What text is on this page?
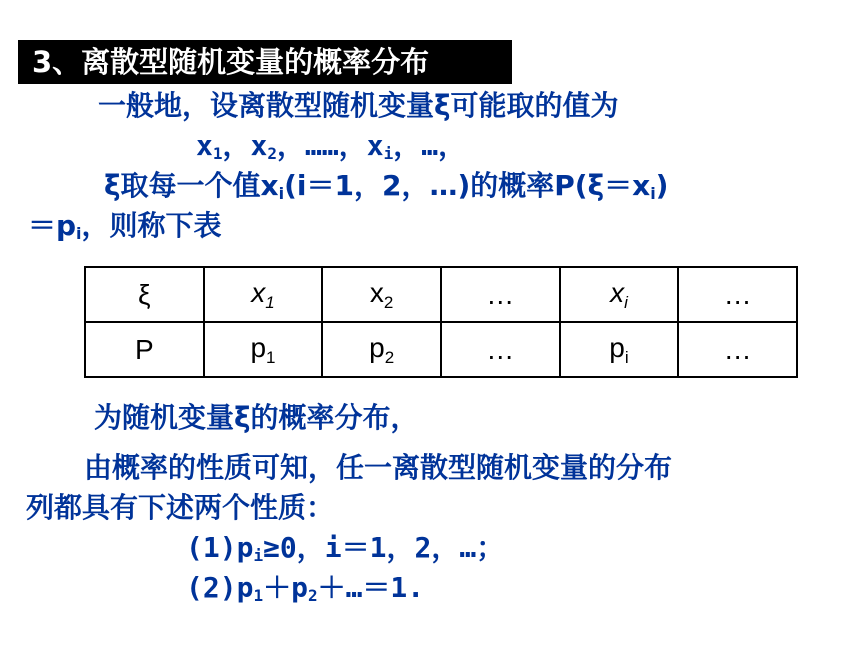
3、离散型随机变量的概率分布
一般地，设离散型随机变量ξ可能取的值为
$x_1$，$x_2$，……，$x_i$，…，
ξ取每一个值$x_i(i=1$，2，…)的概率$P(\xi=x_i)$
$=p_i$，则称下表
ξ	$x_1$	$x_2$	…	$x_i$	…
P	$p_1$	$p_2$	…	$p_i$	…
为随机变量ξ的概率分布，
由概率的性质可知，任一离散型随机变量的分布
列都具有下述两个性质：
$(1)p_i\ge 0$，i＝1，2，…；
$(2)p_1+p_2+\dots=1$.
